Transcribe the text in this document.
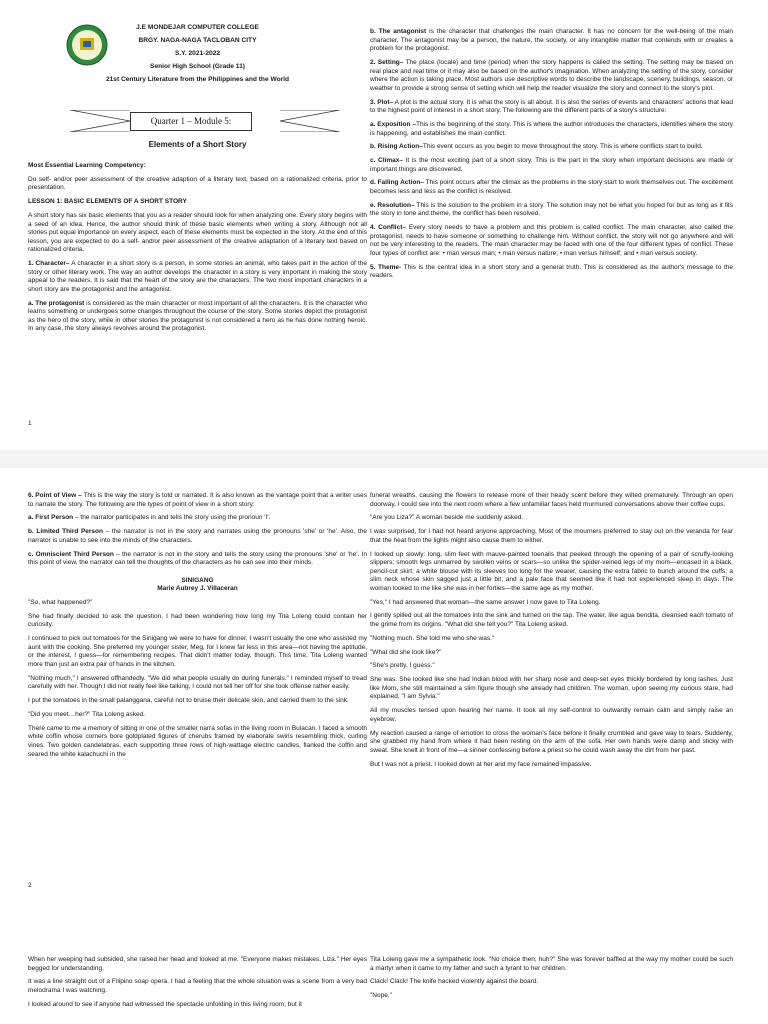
J.E MONDEJAR COMPUTER COLLEGE
BRGY. NAGA-NAGA TACLOBAN CITY
S.Y. 2021-2022
Senior High School (Grade 11)
21st Century Literature from the Philippines and the World
Quarter 1 – Module 5:
Elements of a Short Story

Most Essential Learning Competency:

Do self- and/or peer assessment of the creative adaption of a literary text, based on a rationalized criteria, prior to presentation.

LESSON 1: BASIC ELEMENTS OF A SHORT STORY

A short story has six basic elements that you as a reader should look for when analyzing one. Every story begins with a seed of an idea. Hence, the author should think of these basic elements when writing a story. Although not all stories put equal importance on every aspect, each of these elements must be expected in the story. At the end of this lesson, you are expected to do a self- and/or peer assessment of the creative adaptation of a literary text based on rationalized criteria.

1. Character– A character in a short story is a person, in some stories an animal, who takes part in the action of the story or other literary work. The way an author develops the character in a story is very important in making the story appeal to the readers. It is said that the heart of the story are the characters. The two most important characters in a short story are the protagonist and the antagonist.

a. The protagonist is considered as the main character or most important of all the characters. It is the character who learns something or undergoes some changes throughout the course of the story. Some stories depict the protagonist as the hero of the story, while in other stories the protagonist is not considered a hero as he has done nothing heroic. In any case, the story always revolves around the protagonist.

b. The antagonist is the character that challenges the main character. It has no concern for the well-being of the main character. The antagonist may be a person, the nature, the society, or any intangible matter that contends with or creates a problem for the protagonist.

2. Setting– The place (locale) and time (period) when the story happens is called the setting. The setting may be based on real place and real time or it may also be based on the author's imagination. When analyzing the setting of the story, consider where the action is taking place. Most authors use descriptive words to describe the landscape, scenery, buildings, season, or weather to provide a strong sense of setting which will help the reader visualize the story and connect to the story's plot.

3. Plot– A plot is the actual story. It is what the story is all about. It is also the series of events and characters' actions that lead to the highest point of interest in a short story. The following are the different parts of a story's structure:

a. Exposition –This is the beginning of the story. This is where the author introduces the characters, identifies where the story is happening, and establishes the main conflict.

b. Rising Action–This event occurs as you begin to move throughout the story. This is where conflicts start to build.

c. Climax– It is the most exciting part of a short story. This is the part in the story when important decisions are made or important things are discovered.

d. Falling Action– This point occurs after the climax as the problems in the story start to work themselves out. The excitement becomes less and less as the conflict is resolved.

e. Resolution– This is the solution to the problem in a story. The solution may not be what you hoped for but as long as it fits the story in tone and theme, the conflict has been resolved.

4. Conflict– Every story needs to have a problem and this problem is called conflict. The main character, also called the protagonist, needs to have someone or something to challenge him. Without conflict, the story will not go anywhere and will not be very interesting to the readers. The main character may be faced with one of the four different types of conflict. These four types of conflict are: • man versus man; • man versus nature; • man versus himself; and • man versus society.

5. Theme- This is the central idea in a short story and a general truth. This is considered as the author's message to the readers.

1

6. Point of View – This is the way the story is told or narrated. It is also known as the vantage point that a writer uses to narrate the story. The following are the types of point of view in a short story:

a. First Person – the narrator participates in and tells the story using the pronoun 'I'.

b. Limited Third Person – the narrator is not in the story and narrates using the pronouns 'she' or 'he'. Also, the narrator is unable to see into the minds of the characters.

c. Omniscient Third Person – the narrator is not in the story and tells the story using the pronouns 'she' or 'he'. In this point of view, the narrator can tell the thoughts of the characters as he can see into their minds.

SINIGANG

Marie Aubrey J. Villaceran

"So, what happened?"

She had finally decided to ask the question. I had been wondering how long my Tita Loleng could contain her curiosity.

I continued to pick out tomatoes for the Sinigang we were to have for dinner. I wasn't usually the one who assisted my aunt with the cooking. She preferred my younger sister, Meg, for I knew far less in this area—not having the aptitude, or the interest, I guess—for remembering recipes. That didn't matter today, though. This time, Tita Loleng wanted more than just an extra pair of hands in the kitchen.

"Nothing much," I answered offhandedly. "We did what people usually do during funerals." I reminded myself to tread carefully with her. Though I did not really feel like talking, I could not tell her off for she took offense rather easily.

I put the tomatoes in the small palanggana, careful not to bruise their delicate skin, and carried them to the sink.

"Did you meet…her?" Tita Loleng asked.

There came to me a memory of sitting in one of the smaller narra sofas in the living room in Bulacan. I faced a smooth white coffin whose corners bore goldplated figures of cherubs framed by elaborate swirls resembling thick, curling vines. Two golden candelabras, each supporting three rows of high-wattage electric candles, flanked the coffin and seared the white kalachuchi in the

funeral wreaths, causing the flowers to release more of their heady scent before they wilted prematurely. Through an open doorway, I could see into the next room where a few unfamiliar faces held murmured conversations above their coffee cups.

"Are you Liza?" A woman beside me suddenly asked.

I was surprised, for I had not heard anyone approaching. Most of the mourners preferred to stay out on the veranda for fear that the heat from the lights might also cause them to wither.

I looked up slowly: long, slim feet with mauve-painted toenails that peeked through the opening of a pair of scruffy-looking slippers; smooth legs unmarred by swollen veins or scars—so unlike the spider-veined legs of my mom—encased in a black, pencil-cut skirt; a white blouse with its sleeves too long for the wearer, causing the extra fabric to bunch around the cuffs; a slim neck whose skin sagged just a little bit; and a pale face that seemed like it had not experienced sleep in days. The woman looked to me like she was in her forties—the same age as my mother.

"Yes," I had answered that woman—the same answer I now gave to Tita Loleng.

I gently spilled out all the tomatoes into the sink and turned on the tap. The water, like agua bendita, cleansed each tomato of the grime from its origins. "What did she tell you?" Tita Loleng asked.

"Nothing much. She told me who she was."

"What did she look like?"

"She's pretty, I guess."

She was. She looked like she had Indian blood with her sharp nose and deep-set eyes thickly bordered by long lashes. Just like Mom, she still maintained a slim figure though she already had children. The woman, upon seeing my curious stare, had explained, "I am Sylvia."

All my muscles tensed upon hearing her name. It took all my self-control to outwardly remain calm and simply raise an eyebrow.

My reaction caused a range of emotion to cross the woman's face before it finally crumbled and gave way to tears. Suddenly, she grabbed my hand from where it had been resting on the arm of the sofa. Her own hands were damp and sticky with sweat. She knelt in front of me—a sinner confessing before a priest so he could wash away the dirt from her past.

But I was not a priest. I looked down at her and my face remained impassive.

2

When her weeping had subsided, she raised her head and looked at me. "Everyone makes mistakes, Liza." Her eyes begged for understanding.

It was a line straight out of a Filipino soap opera. I had a feeling that the whole situation was a scene from a very bad melodrama I was watching.

I looked around to see if anyone had witnessed the spectacle unfolding in this living room, but it

Tita Loleng gave me a sympathetic look. "No choice then, huh?" She was forever baffled at the way my mother could be such a martyr when it came to my father and such a tyrant to her children.

Clack! Clack! The knife hacked violently against the board.

"Nope."
